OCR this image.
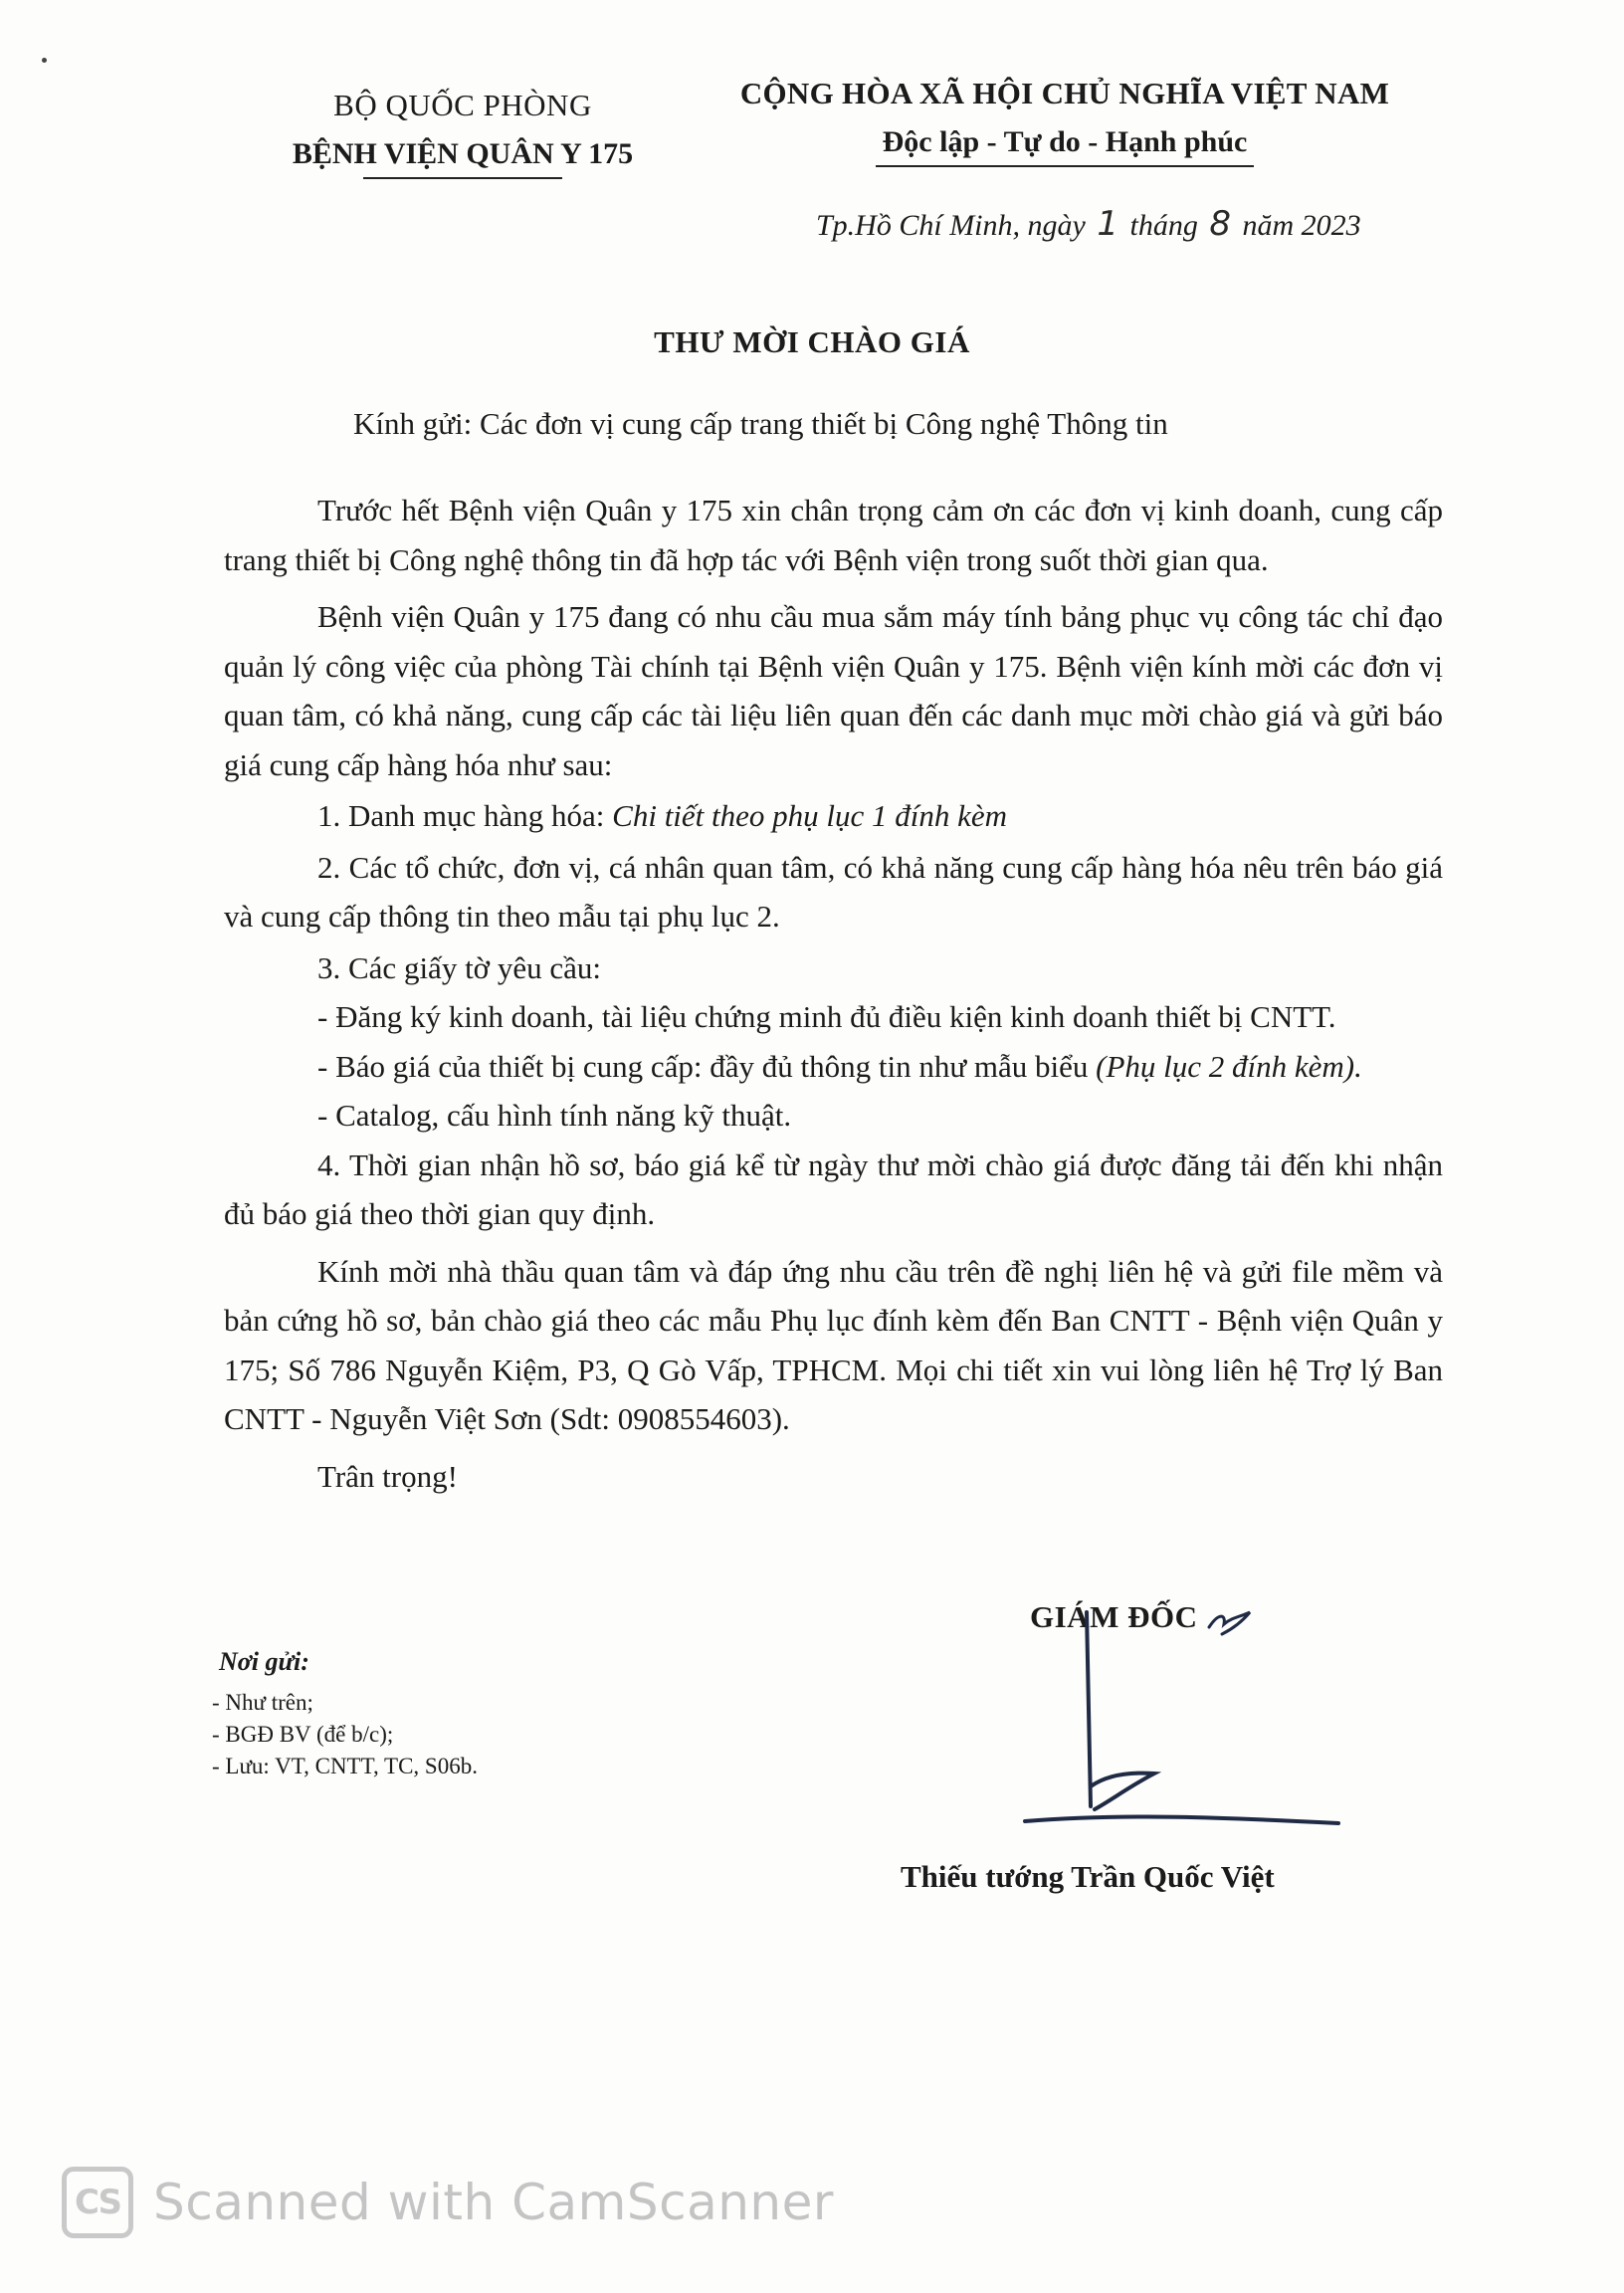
BỘ QUỐC PHÒNG
BỆNH VIỆN QUÂN Y 175
CỘNG HÒA XÃ HỘI CHỦ NGHĨA VIỆT NAM
Độc lập - Tự do - Hạnh phúc
Tp.Hồ Chí Minh, ngày 1 tháng 8 năm 2023
THƯ MỜI CHÀO GIÁ
Kính gửi: Các đơn vị cung cấp trang thiết bị Công nghệ Thông tin

Trước hết Bệnh viện Quân y 175 xin chân trọng cảm ơn các đơn vị kinh doanh, cung cấp trang thiết bị Công nghệ thông tin đã hợp tác với Bệnh viện trong suốt thời gian qua.

Bệnh viện Quân y 175 đang có nhu cầu mua sắm máy tính bảng phục vụ công tác chỉ đạo quản lý công việc của phòng Tài chính tại Bệnh viện Quân y 175. Bệnh viện kính mời các đơn vị quan tâm, có khả năng, cung cấp các tài liệu liên quan đến các danh mục mời chào giá và gửi báo giá cung cấp hàng hóa như sau:

1. Danh mục hàng hóa: Chi tiết theo phụ lục 1 đính kèm

2. Các tổ chức, đơn vị, cá nhân quan tâm, có khả năng cung cấp hàng hóa nêu trên báo giá và cung cấp thông tin theo mẫu tại phụ lục 2.

3. Các giấy tờ yêu cầu:

- Đăng ký kinh doanh, tài liệu chứng minh đủ điều kiện kinh doanh thiết bị CNTT.

- Báo giá của thiết bị cung cấp: đầy đủ thông tin như mẫu biểu (Phụ lục 2 đính kèm).

- Catalog, cấu hình tính năng kỹ thuật.

4. Thời gian nhận hồ sơ, báo giá kể từ ngày thư mời chào giá được đăng tải đến khi nhận đủ báo giá theo thời gian quy định.

Kính mời nhà thầu quan tâm và đáp ứng nhu cầu trên đề nghị liên hệ và gửi file mềm và bản cứng hồ sơ, bản chào giá theo các mẫu Phụ lục đính kèm đến Ban CNTT - Bệnh viện Quân y 175; Số 786 Nguyễn Kiệm, P3, Q Gò Vấp, TPHCM. Mọi chi tiết xin vui lòng liên hệ Trợ lý Ban CNTT - Nguyễn Việt Sơn (Sdt: 0908554603).

Trân trọng!

Nơi gửi:
- Như trên;
- BGĐ BV (để b/c);
- Lưu: VT, CNTT, TC, S06b.
GIÁM ĐỐC
Thiếu tướng Trần Quốc Việt
CS Scanned with CamScanner
